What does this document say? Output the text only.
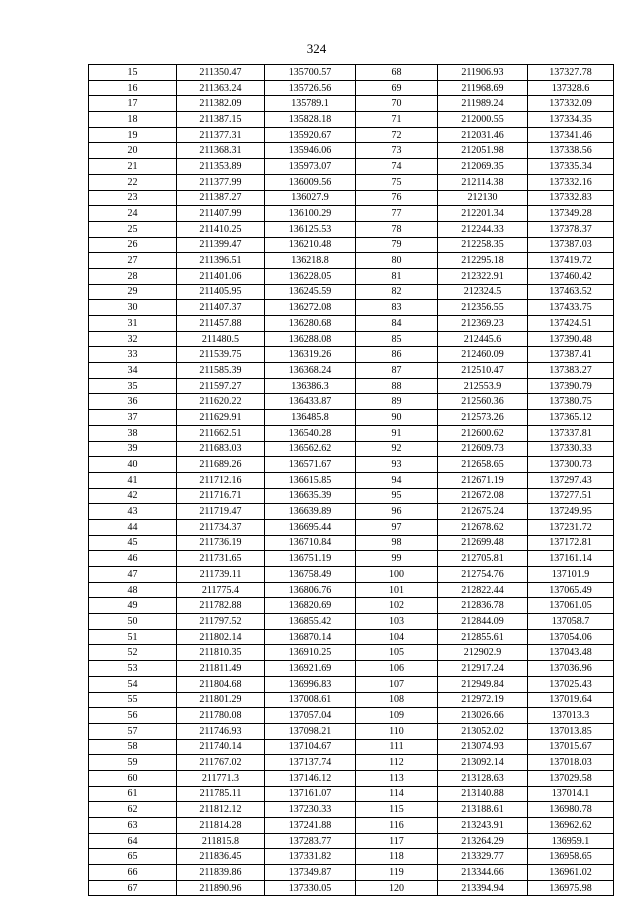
324
15	211350.47	135700.57	68	211906.93	137327.78
16	211363.24	135726.56	69	211968.69	137328.6
17	211382.09	135789.1	70	211989.24	137332.09
18	211387.15	135828.18	71	212000.55	137334.35
19	211377.31	135920.67	72	212031.46	137341.46
20	211368.31	135946.06	73	212051.98	137338.56
21	211353.89	135973.07	74	212069.35	137335.34
22	211377.99	136009.56	75	212114.38	137332.16
23	211387.27	136027.9	76	212130	137332.83
24	211407.99	136100.29	77	212201.34	137349.28
25	211410.25	136125.53	78	212244.33	137378.37
26	211399.47	136210.48	79	212258.35	137387.03
27	211396.51	136218.8	80	212295.18	137419.72
28	211401.06	136228.05	81	212322.91	137460.42
29	211405.95	136245.59	82	212324.5	137463.52
30	211407.37	136272.08	83	212356.55	137433.75
31	211457.88	136280.68	84	212369.23	137424.51
32	211480.5	136288.08	85	212445.6	137390.48
33	211539.75	136319.26	86	212460.09	137387.41
34	211585.39	136368.24	87	212510.47	137383.27
35	211597.27	136386.3	88	212553.9	137390.79
36	211620.22	136433.87	89	212560.36	137380.75
37	211629.91	136485.8	90	212573.26	137365.12
38	211662.51	136540.28	91	212600.62	137337.81
39	211683.03	136562.62	92	212609.73	137330.33
40	211689.26	136571.67	93	212658.65	137300.73
41	211712.16	136615.85	94	212671.19	137297.43
42	211716.71	136635.39	95	212672.08	137277.51
43	211719.47	136639.89	96	212675.24	137249.95
44	211734.37	136695.44	97	212678.62	137231.72
45	211736.19	136710.84	98	212699.48	137172.81
46	211731.65	136751.19	99	212705.81	137161.14
47	211739.11	136758.49	100	212754.76	137101.9
48	211775.4	136806.76	101	212822.44	137065.49
49	211782.88	136820.69	102	212836.78	137061.05
50	211797.52	136855.42	103	212844.09	137058.7
51	211802.14	136870.14	104	212855.61	137054.06
52	211810.35	136910.25	105	212902.9	137043.48
53	211811.49	136921.69	106	212917.24	137036.96
54	211804.68	136996.83	107	212949.84	137025.43
55	211801.29	137008.61	108	212972.19	137019.64
56	211780.08	137057.04	109	213026.66	137013.3
57	211746.93	137098.21	110	213052.02	137013.85
58	211740.14	137104.67	111	213074.93	137015.67
59	211767.02	137137.74	112	213092.14	137018.03
60	211771.3	137146.12	113	213128.63	137029.58
61	211785.11	137161.07	114	213140.88	137014.1
62	211812.12	137230.33	115	213188.61	136980.78
63	211814.28	137241.88	116	213243.91	136962.62
64	211815.8	137283.77	117	213264.29	136959.1
65	211836.45	137331.82	118	213329.77	136958.65
66	211839.86	137349.87	119	213344.66	136961.02
67	211890.96	137330.05	120	213394.94	136975.98
